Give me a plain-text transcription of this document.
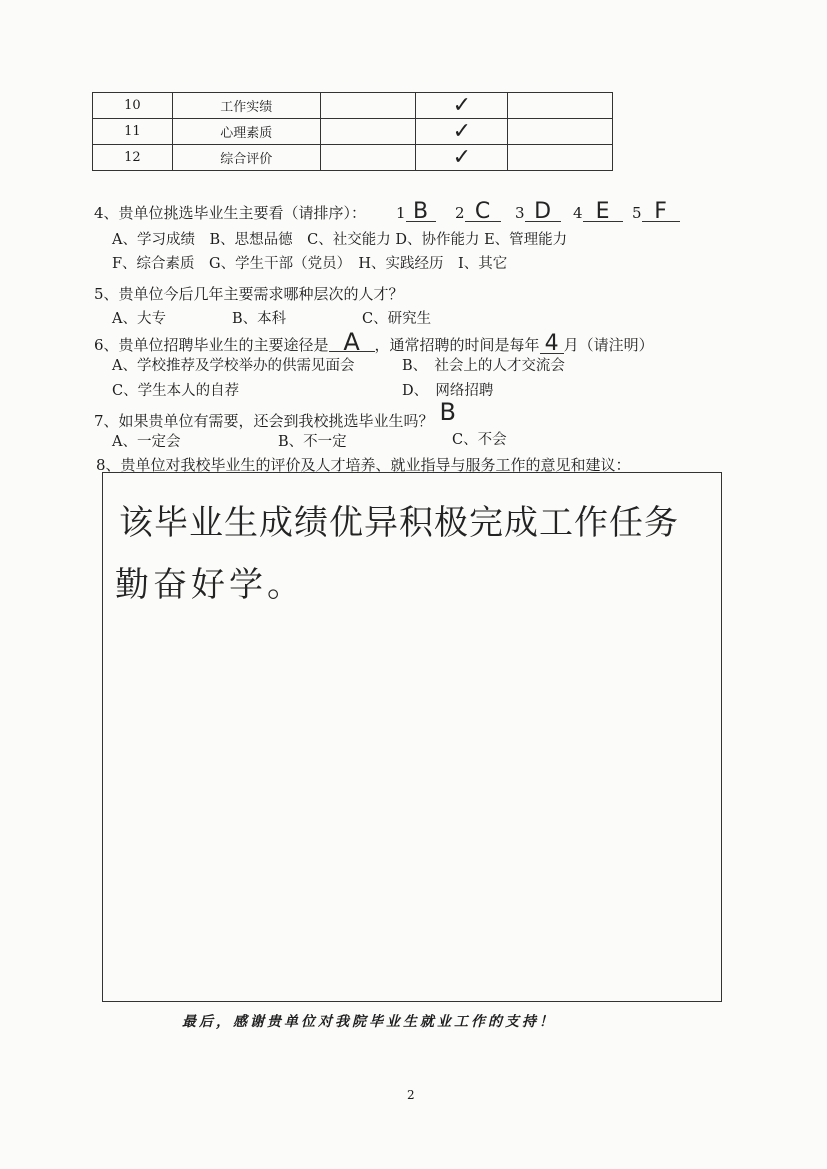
10	工作实绩		✓	
11	心理素质		✓	
12	综合评价		✓	
4、贵单位挑选毕业生主要看（请排序）： 1 B	2 C	3 D	4 E	5 F
A、学习成绩　B、思想品德　C、社交能力 D、协作能力 E、管理能力
F、综合素质　G、学生干部（党员）　H、实践经历　I、其它
5、贵单位今后几年主要需求哪种层次的人才？
A、大专	B、本科	C、研究生
6、贵单位招聘毕业生的主要途径是 A ，通常招聘的时间是每年 4 月（请注明）
A、学校推荐及学校举办的供需见面会	B、　社会上的人才交流会
C、学生本人的自荐	D、　网络招聘
7、如果贵单位有需要，还会到我校挑选毕业生吗？ B
A、一定会	B、不一定	C、不会
8、贵单位对我校毕业生的评价及人才培养、就业指导与服务工作的意见和建议：
该毕业生成绩优异积极完成工作任务
勤奋好学。
最后，感谢贵单位对我院毕业生就业工作的支持！
2
